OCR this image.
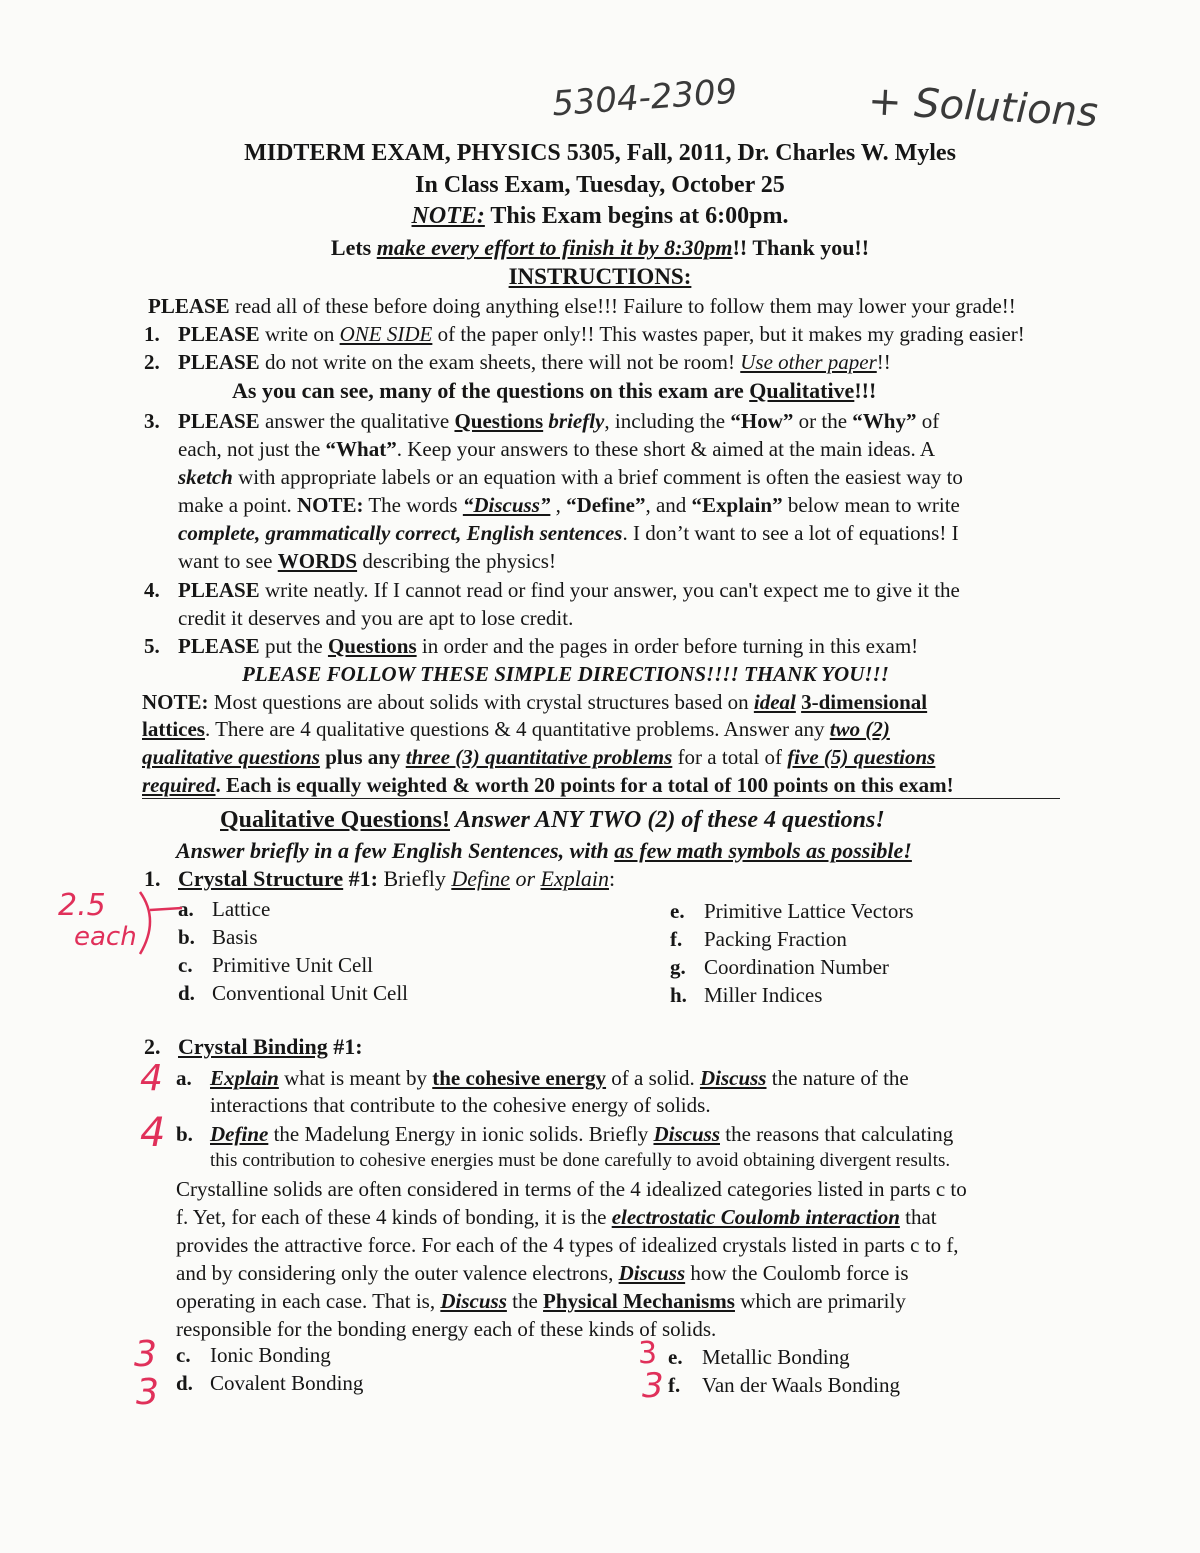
5304-2309	+ Solutions
MIDTERM EXAM, PHYSICS 5305, Fall, 2011, Dr. Charles W. Myles
In Class Exam, Tuesday, October 25
NOTE: This Exam begins at 6:00pm.
Lets make every effort to finish it by 8:30pm!! Thank you!!
INSTRUCTIONS:
PLEASE read all of these before doing anything else!!! Failure to follow them may lower your grade!!
1. PLEASE write on ONE SIDE of the paper only!! This wastes paper, but it makes my grading easier!
2. PLEASE do not write on the exam sheets, there will not be room! Use other paper!!
As you can see, many of the questions on this exam are Qualitative!!!
3. PLEASE answer the qualitative Questions briefly, including the “How” or the “Why” of
each, not just the “What”. Keep your answers to these short & aimed at the main ideas. A
sketch with appropriate labels or an equation with a brief comment is often the easiest way to
make a point. NOTE: The words “Discuss” , “Define”, and “Explain” below mean to write
complete, grammatically correct, English sentences. I don’t want to see a lot of equations! I
want to see WORDS describing the physics!
4. PLEASE write neatly. If I cannot read or find your answer, you can't expect me to give it the
credit it deserves and you are apt to lose credit.
5. PLEASE put the Questions in order and the pages in order before turning in this exam!
PLEASE FOLLOW THESE SIMPLE DIRECTIONS!!!! THANK YOU!!!
NOTE: Most questions are about solids with crystal structures based on ideal 3-dimensional
lattices. There are 4 qualitative questions & 4 quantitative problems. Answer any two (2)
qualitative questions plus any three (3) quantitative problems for a total of five (5) questions
required. Each is equally weighted & worth 20 points for a total of 100 points on this exam!
Qualitative Questions! Answer ANY TWO (2) of these 4 questions!
Answer briefly in a few English Sentences, with as few math symbols as possible!
1. Crystal Structure #1: Briefly Define or Explain:
a. Lattice
b. Basis
c. Primitive Unit Cell
d. Conventional Unit Cell
e. Primitive Lattice Vectors
f. Packing Fraction
g. Coordination Number
h. Miller Indices
2.5
each
2. Crystal Binding #1:
a. Explain what is meant by the cohesive energy of a solid. Discuss the nature of the
interactions that contribute to the cohesive energy of solids.
b. Define the Madelung Energy in ionic solids. Briefly Discuss the reasons that calculating
this contribution to cohesive energies must be done carefully to avoid obtaining divergent results.
Crystalline solids are often considered in terms of the 4 idealized categories listed in parts c to
f. Yet, for each of these 4 kinds of bonding, it is the electrostatic Coulomb interaction that
provides the attractive force. For each of the 4 types of idealized crystals listed in parts c to f,
and by considering only the outer valence electrons, Discuss how the Coulomb force is
operating in each case. That is, Discuss the Physical Mechanisms which are primarily
responsible for the bonding energy each of these kinds of solids.
c. Ionic Bonding
d. Covalent Bonding
e. Metallic Bonding
f. Van der Waals Bonding
4
4
3
3
3
3
